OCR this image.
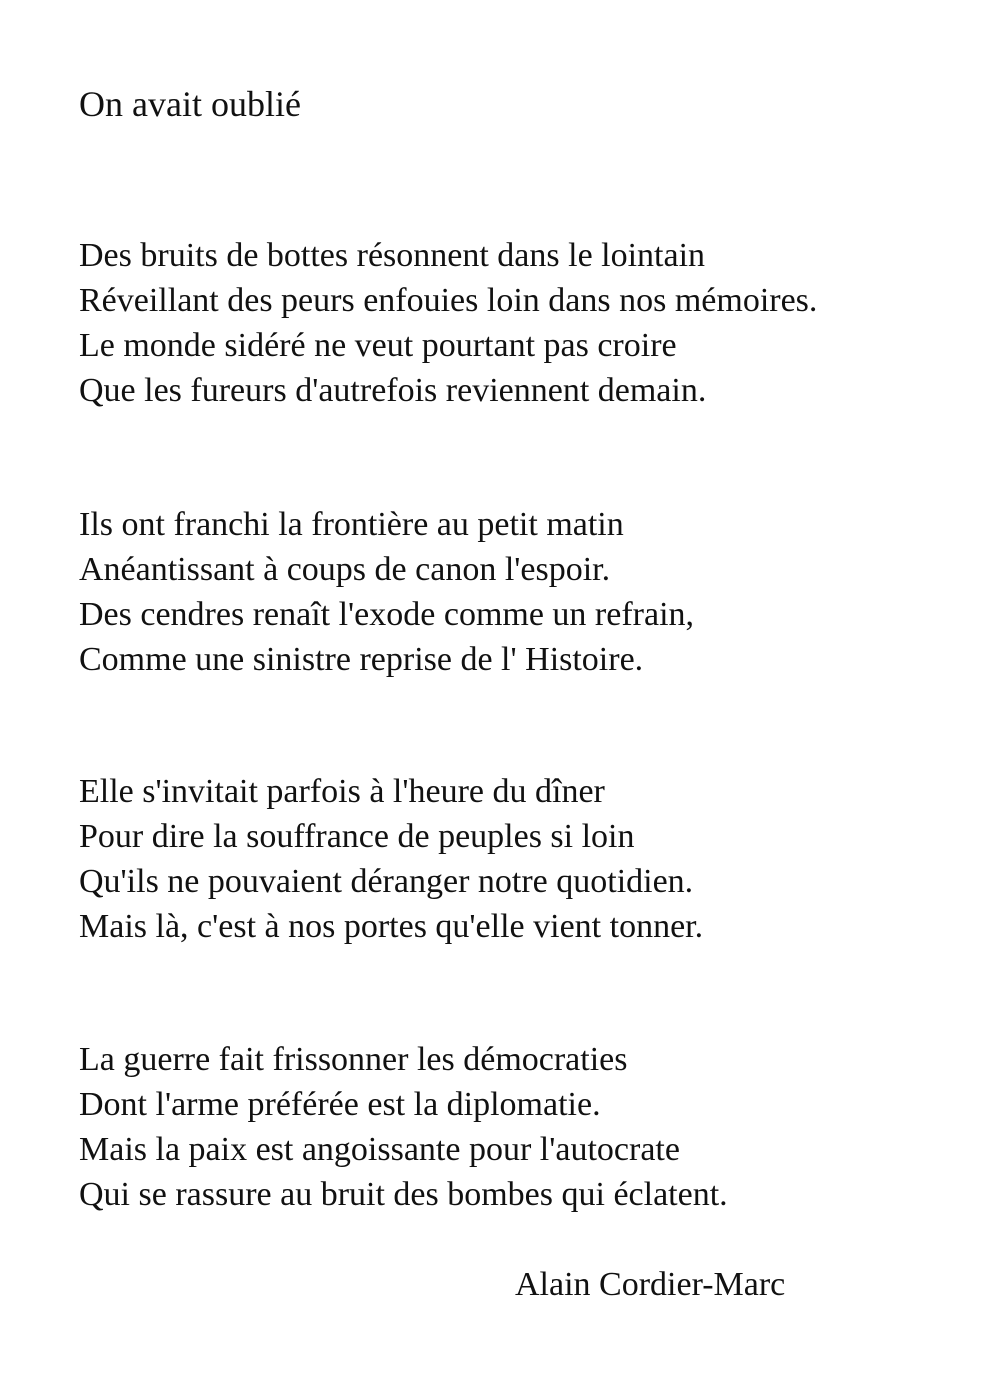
On avait oublié
Des bruits de bottes résonnent dans le lointain
Réveillant des peurs enfouies loin dans nos mémoires.
Le monde sidéré ne veut pourtant pas croire
Que les fureurs d'autrefois reviennent demain.
Ils ont franchi la frontière au petit matin
Anéantissant à coups de canon l'espoir.
Des cendres renaît l'exode comme un refrain,
Comme une sinistre reprise de l' Histoire.
Elle s'invitait parfois à l'heure du dîner
Pour dire la souffrance de peuples si loin
Qu'ils ne pouvaient déranger notre quotidien.
Mais là, c'est à nos portes qu'elle vient tonner.
La guerre fait frissonner les démocraties
Dont l'arme préférée est la diplomatie.
Mais la paix est angoissante pour l'autocrate
Qui se rassure au bruit des bombes qui éclatent.

Alain Cordier-Marc
